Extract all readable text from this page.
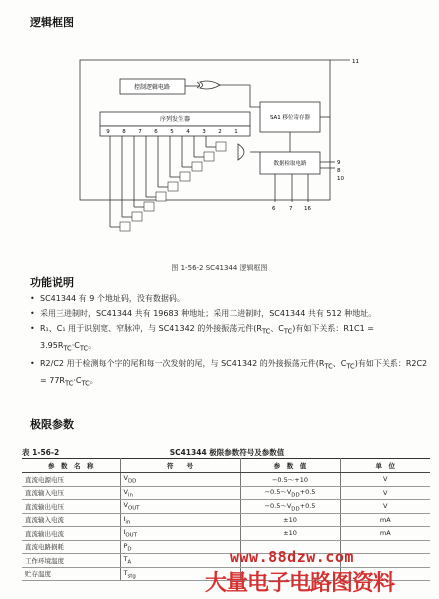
逻辑框图
控制逻辑电路
序列发生器	SA1 移位寄存器
数据检取电路
9 8 7 6 5 4 3 2 1
11
9
8
10
6 7 16
图 1-56-2 SC41344 逻辑框图
功能说明
• SC41344 有 9 个地址码，没有数据码。
• 采用三进制时，SC41344 共有 19683 种地址；采用二进制时，SC41344 共有 512 种地址。
• R₁、C₁ 用于识别宽、窄脉冲，与 SC41342 的外接振荡元件($R_{TC}$、$C_{TC}$)有如下关系：$R1C1 = 3.95R_{TC}\cdot C_{TC}$。
• R2/C2 用于检测每个字的尾和每一次发射的尾，与 SC41342 的外接振荡元件($R_{TC}$、$C_{TC}$)有如下关系：$R2C2 = 77R_{TC}\cdot C_{TC}$。
极限参数
表 1-56-2	SC41344 极限参数符号及参数值
参　数　名　称	符　　号	参　数　值	单　位
直流电源电压	$V_{DD}$	−0.5～+10	V
直流输入电压	$V_{in}$	$-0.5\sim V_{DD}+0.5$	V
直流输出电压	$V_{OUT}$	$-0.5\sim V_{DD}+0.5$	V
直流输入电流	$I_{in}$	±10	mA
直流输出电流	$I_{OUT}$	±10	mA
直流电路损耗	$P_D$		
工作环境温度	$T_A$		
贮存温度	$T_{stg}$		
www.88dzw.com
大量电子电路图资料
